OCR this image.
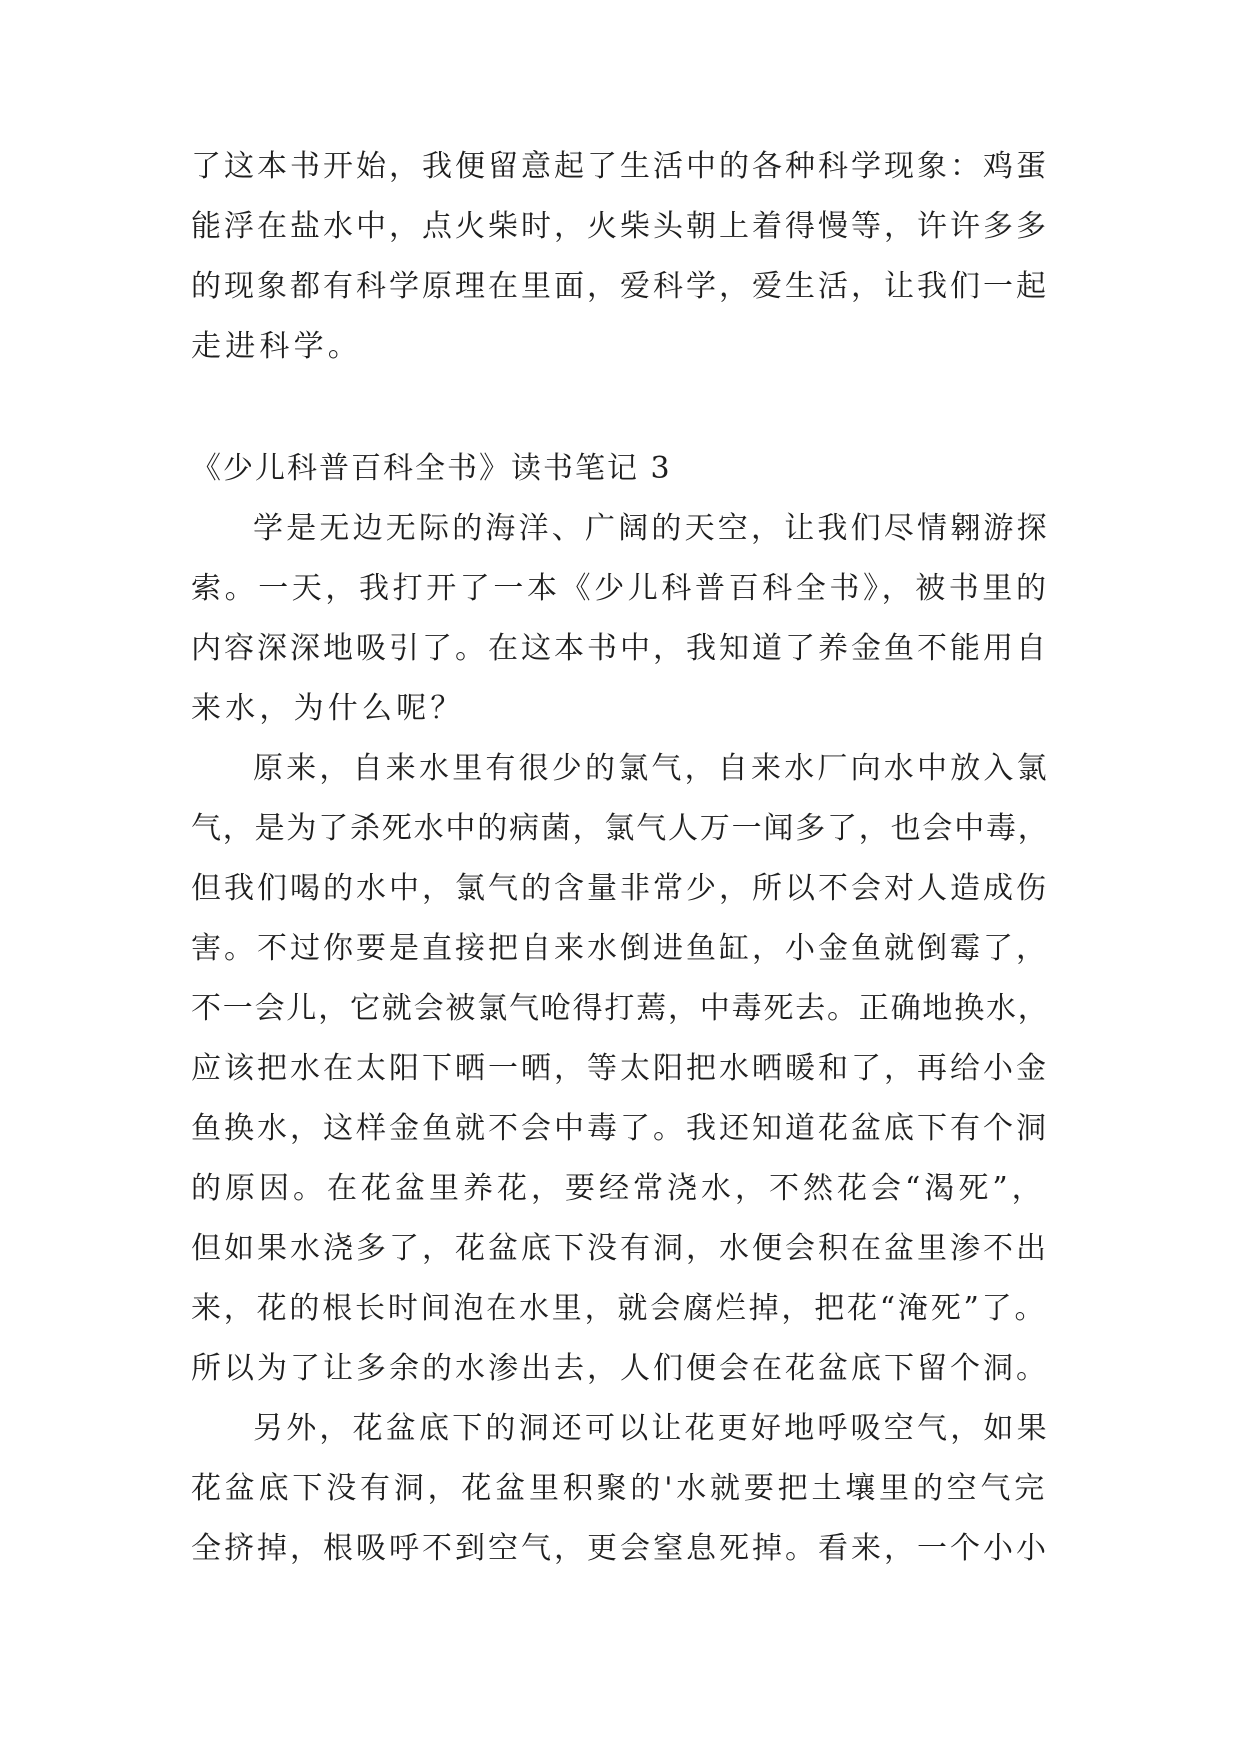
了这本书开始，我便留意起了生活中的各种科学现象：鸡蛋
能浮在盐水中，点火柴时，火柴头朝上着得慢等，许许多多
的现象都有科学原理在里面，爱科学，爱生活，让我们一起
走进科学。
《少儿科普百科全书》读书笔记 3
学是无边无际的海洋、广阔的天空，让我们尽情翱游探
索。一天，我打开了一本《少儿科普百科全书》，被书里的
内容深深地吸引了。在这本书中，我知道了养金鱼不能用自
来水，为什么呢？
原来，自来水里有很少的氯气，自来水厂向水中放入氯
气，是为了杀死水中的病菌，氯气人万一闻多了，也会中毒，
但我们喝的水中，氯气的含量非常少，所以不会对人造成伤
害。不过你要是直接把自来水倒进鱼缸，小金鱼就倒霉了，
不一会儿，它就会被氯气呛得打蔫，中毒死去。正确地换水，
应该把水在太阳下晒一晒，等太阳把水晒暖和了，再给小金
鱼换水，这样金鱼就不会中毒了。我还知道花盆底下有个洞
的原因。在花盆里养花，要经常浇水，不然花会“渴死”，
但如果水浇多了，花盆底下没有洞，水便会积在盆里渗不出
来，花的根长时间泡在水里，就会腐烂掉，把花“淹死”了。
所以为了让多余的水渗出去，人们便会在花盆底下留个洞。
另外，花盆底下的洞还可以让花更好地呼吸空气，如果
花盆底下没有洞，花盆里积聚的'水就要把土壤里的空气完
全挤掉，根吸呼不到空气，更会窒息死掉。看来，一个小小
